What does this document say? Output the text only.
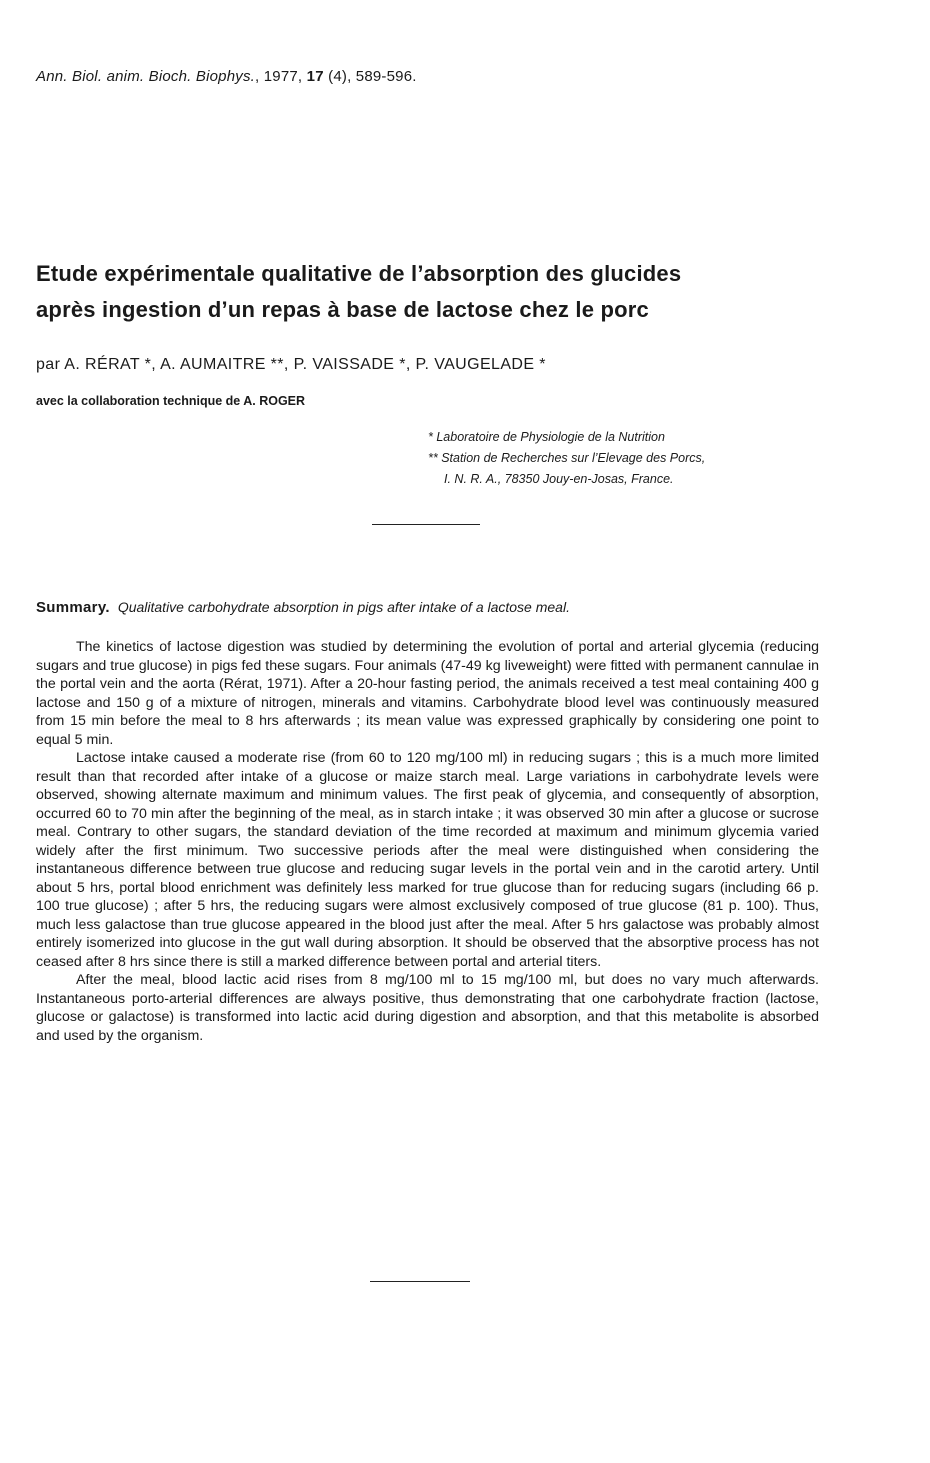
Ann. Biol. anim. Bioch. Biophys., 1977, 17 (4), 589-596.
Etude expérimentale qualitative de l’absorption des glucides
après ingestion d’un repas à base de lactose chez le porc
par A. RÉRAT *, A. AUMAITRE **, P. VAISSADE *, P. VAUGELADE *
avec la collaboration technique de A. ROGER
* Laboratoire de Physiologie de la Nutrition
** Station de Recherches sur l’Elevage des Porcs,
I. N. R. A., 78350 Jouy-en-Josas, France.
Summary. Qualitative carbohydrate absorption in pigs after intake of a lactose meal.

The kinetics of lactose digestion was studied by determining the evolution of portal and arterial glycemia (reducing sugars and true glucose) in pigs fed these sugars. Four animals (47-49 kg liveweight) were fitted with permanent cannulae in the portal vein and the aorta (Rérat, 1971). After a 20-hour fasting period, the animals received a test meal containing 400 g lactose and 150 g of a mixture of nitrogen, minerals and vitamins. Carbohydrate blood level was continuously measured from 15 min before the meal to 8 hrs afterwards ; its mean value was expressed graphically by considering one point to equal 5 min.

Lactose intake caused a moderate rise (from 60 to 120 mg/100 ml) in reducing sugars ; this is a much more limited result than that recorded after intake of a glucose or maize starch meal. Large variations in carbohydrate levels were observed, showing alternate maximum and minimum values. The first peak of glycemia, and consequently of absorption, occurred 60 to 70 min after the beginning of the meal, as in starch intake ; it was observed 30 min after a glucose or sucrose meal. Contrary to other sugars, the standard deviation of the time recorded at maximum and minimum glycemia varied widely after the first minimum. Two successive periods after the meal were distinguished when considering the instantaneous difference between true glucose and reducing sugar levels in the portal vein and in the carotid artery. Until about 5 hrs, portal blood enrichment was definitely less marked for true glucose than for reducing sugars (including 66 p. 100 true glucose) ; after 5 hrs, the reducing sugars were almost exclusively composed of true glucose (81 p. 100). Thus, much less galactose than true glucose appeared in the blood just after the meal. After 5 hrs galactose was probably almost entirely isomerized into glucose in the gut wall during absorption. It should be observed that the absorptive process has not ceased after 8 hrs since there is still a marked difference between portal and arterial titers.

After the meal, blood lactic acid rises from 8 mg/100 ml to 15 mg/100 ml, but does no vary much afterwards. Instantaneous porto-arterial differences are always positive, thus demonstrating that one carbohydrate fraction (lactose, glucose or galactose) is transformed into lactic acid during digestion and absorption, and that this metabolite is absorbed and used by the organism.
